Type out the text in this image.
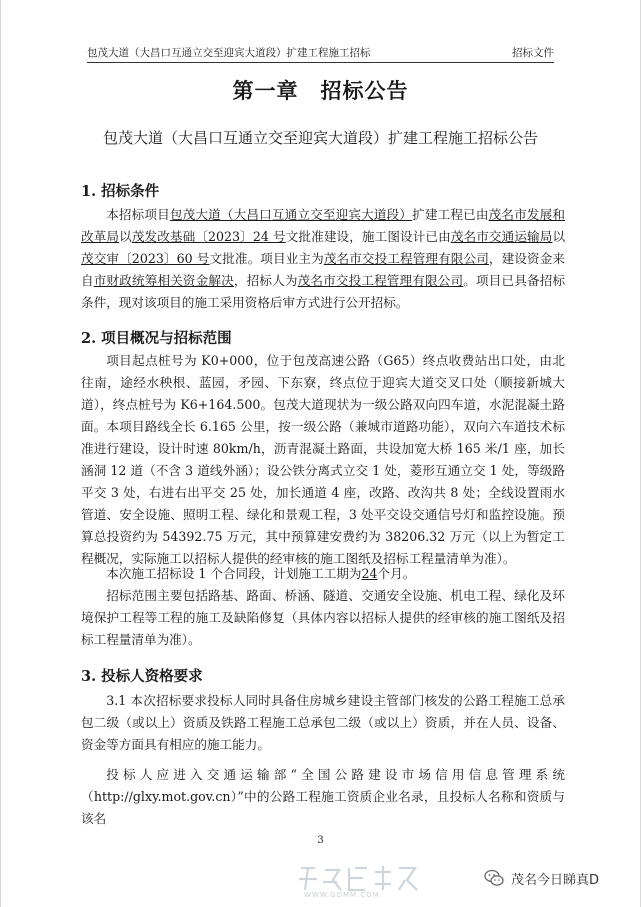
包茂大道（大昌口互通立交至迎宾大道段）扩建工程施工招标	招标文件
第一章　招标公告
包茂大道（大昌口互通立交至迎宾大道段）扩建工程施工招标公告
1. 招标条件

本招标项目包茂大道（大昌口互通立交至迎宾大道段）扩建工程已由茂名市发展和改革局以茂发改基础〔2023〕24 号文批准建设，施工图设计已由茂名市交通运输局以茂交审〔2023〕60 号文批准。项目业主为茂名市交投工程管理有限公司，建设资金来自市财政统筹相关资金解决，招标人为茂名市交投工程管理有限公司。项目已具备招标条件，现对该项目的施工采用资格后审方式进行公开招标。

2. 项目概况与招标范围

项目起点桩号为 K0+000，位于包茂高速公路（G65）终点收费站出口处，由北往南，途经水秧根、蓝园，矛园、下东寮，终点位于迎宾大道交叉口处（顺接新城大道），终点桩号为 K6+164.500。包茂大道现状为一级公路双向四车道，水泥混凝土路面。本项目路线全长 6.165 公里，按一级公路（兼城市道路功能），双向六车道技术标准进行建设，设计时速 80km/h，沥青混凝土路面，共设加宽大桥 165 米/1 座，加长涵洞 12 道（不含 3 道线外涵）；设公铁分离式立交 1 处，菱形互通立交 1 处，等级路平交 3 处，右进右出平交 25 处，加长通道 4 座，改路、改沟共 8 处；全线设置雨水管道、安全设施、照明工程、绿化和景观工程，3 处平交设交通信号灯和监控设施。预算总投资约为 54392.75 万元，其中预算建安费约为 38206.32 万元（以上为暂定工程概况，实际施工以招标人提供的经审核的施工图纸及招标工程量清单为准）。

本次施工招标设 1 个合同段，计划施工工期为24个月。

招标范围主要包括路基、路面、桥涵、隧道、交通安全设施、机电工程、绿化及环境保护工程等工程的施工及缺陷修复（具体内容以招标人提供的经审核的施工图纸及招标工程量清单为准）。

3. 投标人资格要求

3.1 本次招标要求投标人同时具备住房城乡建设主管部门核发的公路工程施工总承包二级（或以上）资质及铁路工程施工总承包二级（或以上）资质，并在人员、设备、资金等方面具有相应的施工能力。

投标人应进入交通运输部“全国公路建设市场信用信息管理系统（http://glxy.mot.gov.cn）”中的公路工程施工资质企业名录，且投标人名称和资质与该名

3
WWW.GDMM.COM
茂名今日睇真D
